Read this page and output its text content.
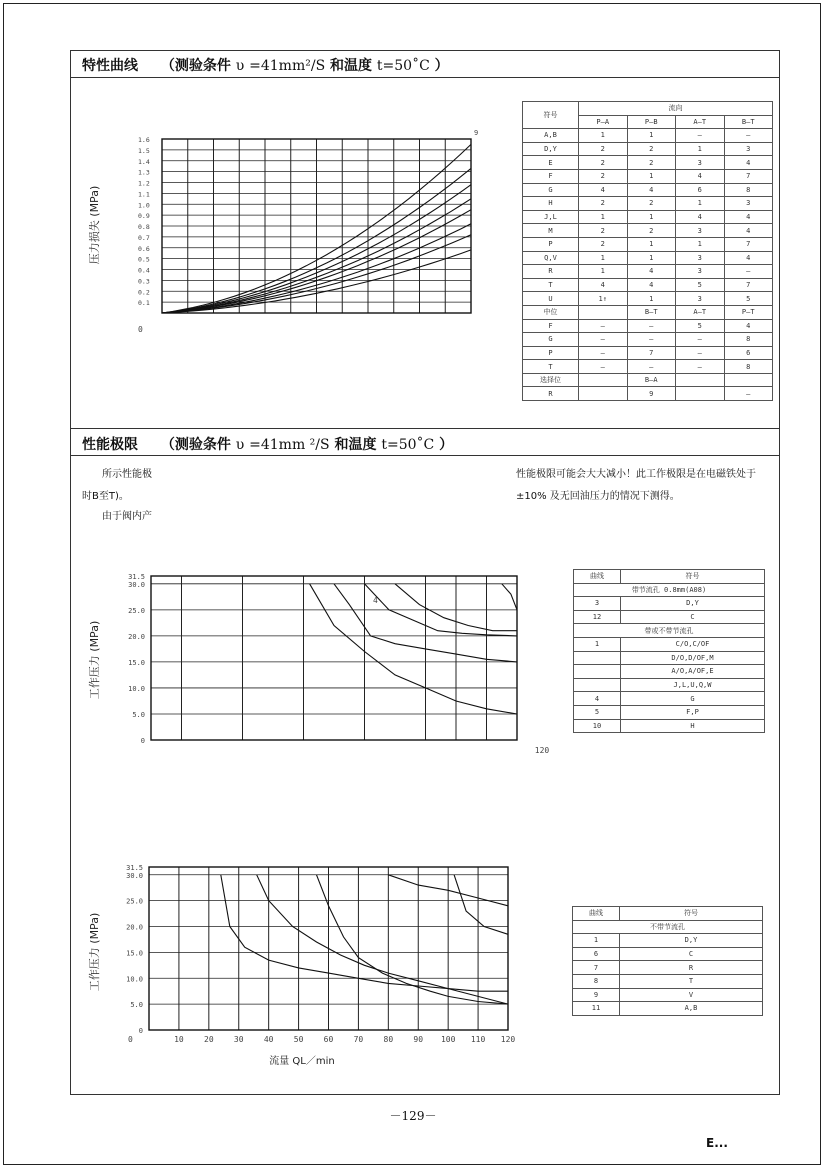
特性曲线 （测验条件 υ =41mm²/S 和温度 t=50˚C ）
性能极限 （测验条件 υ =41mm ²/S 和温度 t=50˚C ）
所示性能极	性能极限可能会大大减小！此工作极限是在电磁铁处于
时B至T)。	±10% 及无回油压力的情况下测得。
由于阀内产
1.6
1.5
1.4
1.3
1.2
1.1
1.0
0.9
0.8
0.7
0.6
0.5
0.4
0.3
0.2
0.1
0
9
压力损失 (MPa)
31.5
30.0
25.0
20.0
15.0
10.0
5.0
0
120
4
工作压力 (MPa)
31.5
30.0
25.0
20.0
15.0
10.0
5.0
0
0	10	20	30	40	50	60	70	80	90 100 110 120
流量 QL／min
工作压力 (MPa)
符号	流向			
	P–A	P–B	A–T	B–T
A,B	1	1	–	–
D,Y	2	2	1	3
E	2	2	3	4
F	2	1	4	7
G	4	4	6	8
H	2	2	1	3
J,L	1	1	4	4
M	2	2	3	4
P	2	1	1	7
Q,V	1	1	3	4
R	1	4	3	–
T	4	4	5	7
U	1↑	1	3	5
中位		B–T	A–T	P–T
F	–	–	5	4
G	–	–	–	8
P	–	7	–	6
T	–	–	–	8
选择位		B–A		
R		9		–
曲线	符号
带节流孔 0.8mm(A08)	
3	D,Y
12	C
带或不带节流孔	
1	C/O,C/OF
	D/O,D/OF,M
	A/O,A/OF,E
	J,L,U,Q,W
4	G
5	F,P
10	H
曲线	符号
不带节流孔	
1	D,Y
6	C
7	R
8	T
9	V
11	A,B
－129－
E...
